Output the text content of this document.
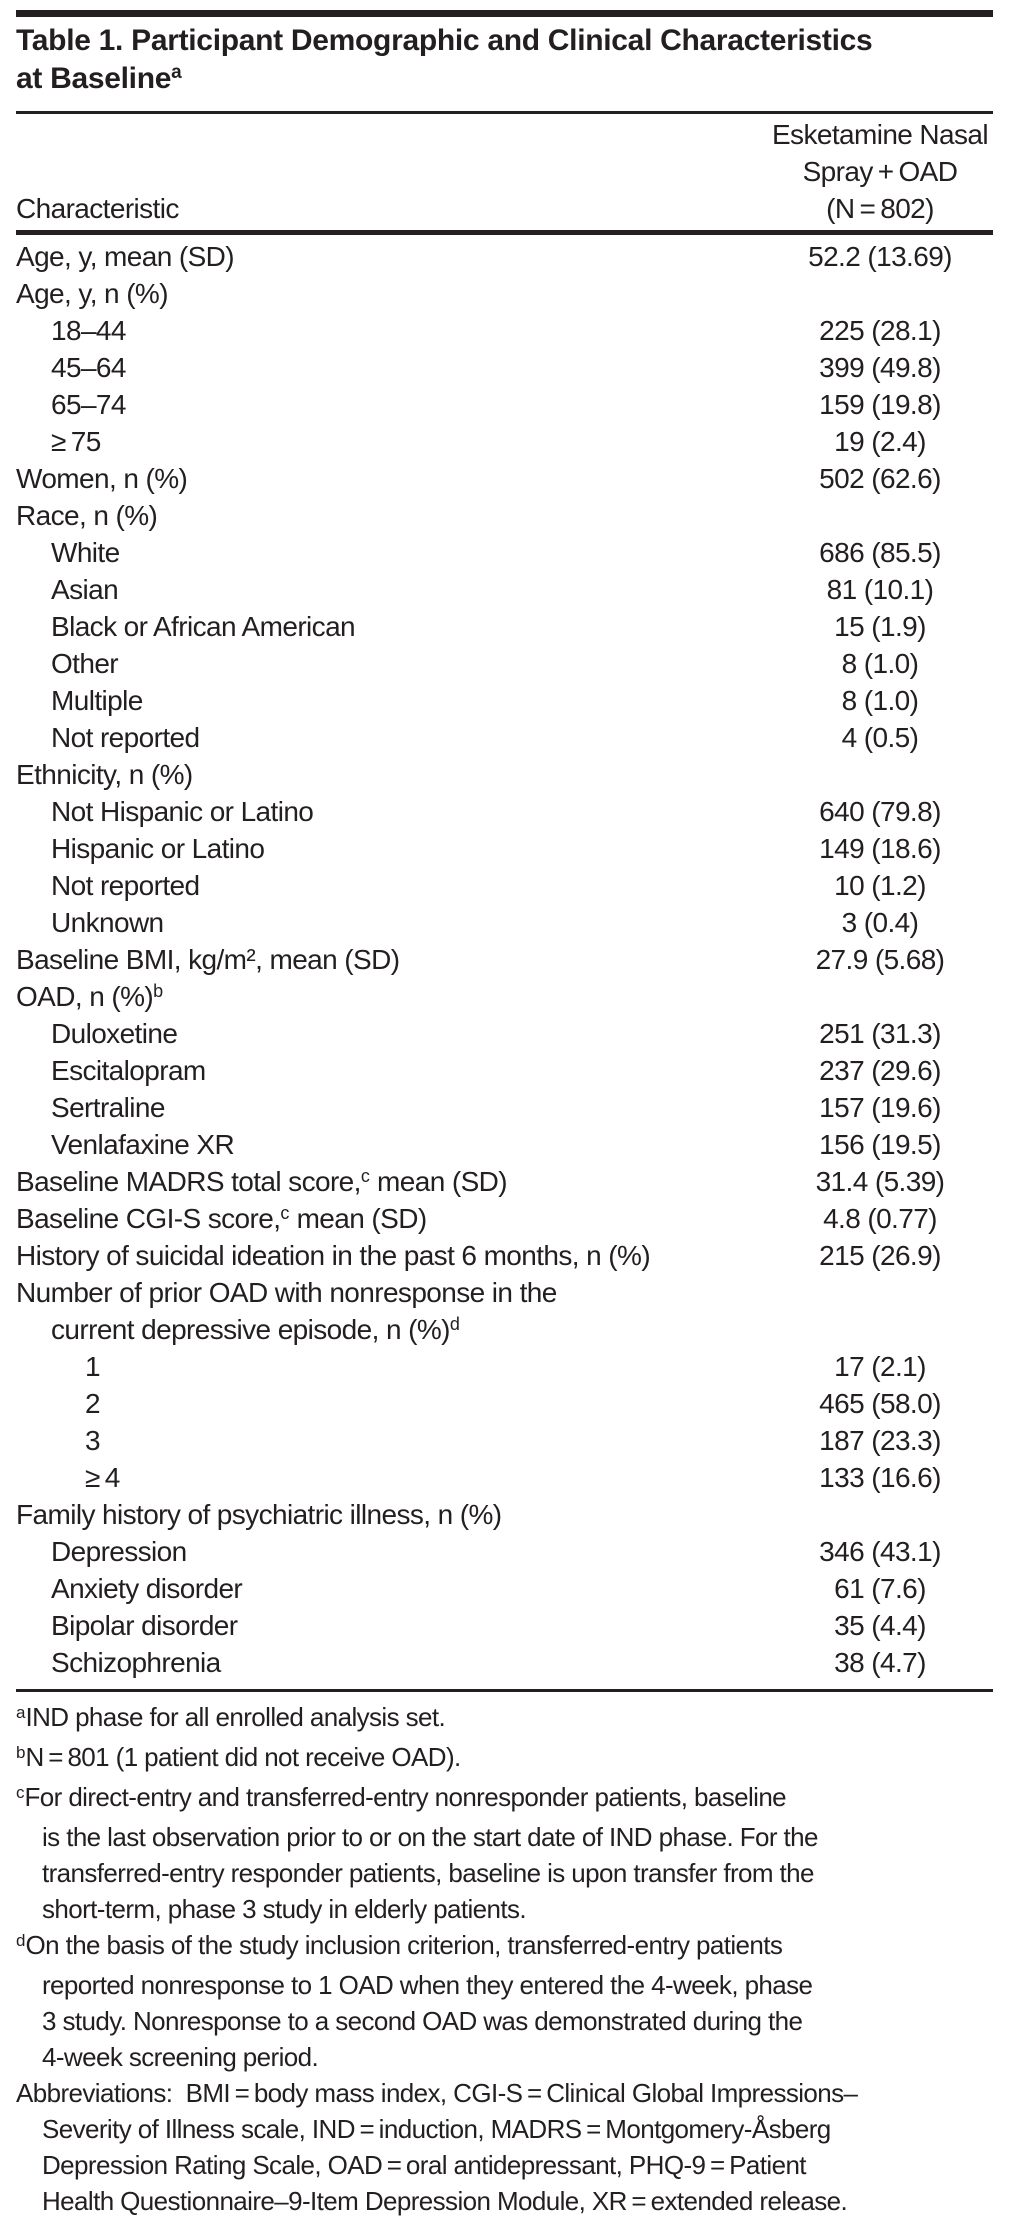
Table 1. Participant Demographic and Clinical Characteristics
at Baseline$^a$
Characteristic
Esketamine Nasal
Spray + OAD
(N = 802)
Age, y, mean (SD)	52.2 (13.69)
Age, y, n (%)
18–44	225 (28.1)
45–64	399 (49.8)
65–74	159 (19.8)
≥ 75	19 (2.4)
Women, n (%)	502 (62.6)
Race, n (%)
White	686 (85.5)
Asian	81 (10.1)
Black or African American	15 (1.9)
Other	8 (1.0)
Multiple	8 (1.0)
Not reported	4 (0.5)
Ethnicity, n (%)
Not Hispanic or Latino	640 (79.8)
Hispanic or Latino	149 (18.6)
Not reported	10 (1.2)
Unknown	3 (0.4)
Baseline BMI, kg/m², mean (SD)	27.9 (5.68)
OAD, n (%)$^b$
Duloxetine	251 (31.3)
Escitalopram	237 (29.6)
Sertraline	157 (19.6)
Venlafaxine XR	156 (19.5)
Baseline MADRS total score,$^c$ mean (SD)	31.4 (5.39)
Baseline CGI-S score,$^c$ mean (SD)	4.8 (0.77)
History of suicidal ideation in the past 6 months, n (%)	215 (26.9)
Number of prior OAD with nonresponse in the
current depressive episode, n (%)$^d$
1	17 (2.1)
2	465 (58.0)
3	187 (23.3)
≥ 4	133 (16.6)
Family history of psychiatric illness, n (%)
Depression	346 (43.1)
Anxiety disorder	61 (7.6)
Bipolar disorder	35 (4.4)
Schizophrenia	38 (4.7)
$^a$IND phase for all enrolled analysis set.
$^b$N = 801 (1 patient did not receive OAD).
$^c$For direct-entry and transferred-entry nonresponder patients, baseline
is the last observation prior to or on the start date of IND phase. For the
transferred-entry responder patients, baseline is upon transfer from the
short-term, phase 3 study in elderly patients.
$^d$On the basis of the study inclusion criterion, transferred-entry patients
reported nonresponse to 1 OAD when they entered the 4-week, phase
3 study. Nonresponse to a second OAD was demonstrated during the
4-week screening period.
Abbreviations:  BMI = body mass index, CGI-S = Clinical Global Impressions–
Severity of Illness scale, IND = induction, MADRS = Montgomery-Åsberg
Depression Rating Scale, OAD = oral antidepressant, PHQ-9 = Patient
Health Questionnaire–9-Item Depression Module, XR = extended release.
